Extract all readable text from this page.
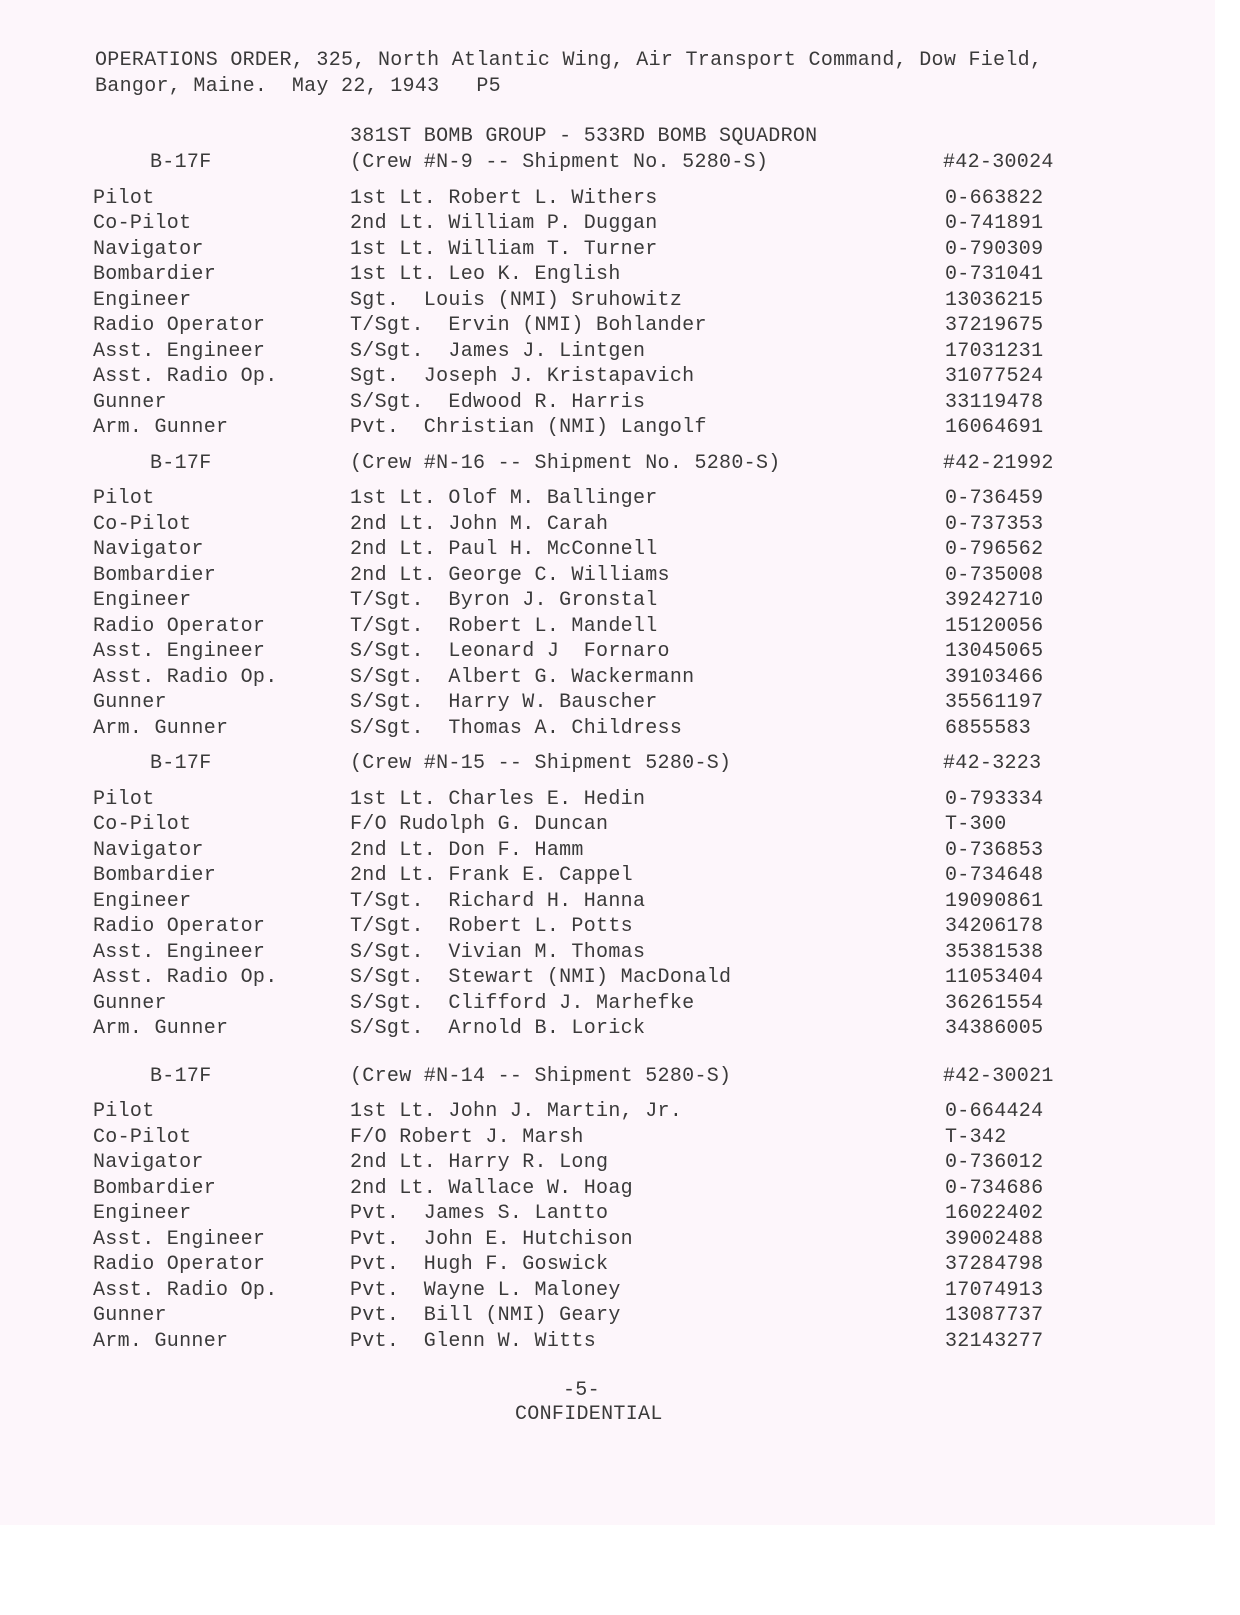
OPERATIONS ORDER, 325, North Atlantic Wing, Air Transport Command, Dow Field,
Bangor, Maine.  May 22, 1943   P5
381ST BOMB GROUP - 533RD BOMB SQUADRON
B-17F	(Crew #N-9 -- Shipment No. 5280-S)	#42-30024
Pilot	1st Lt. Robert L. Withers	0-663822
Co-Pilot	2nd Lt. William P. Duggan	0-741891
Navigator	1st Lt. William T. Turner	0-790309
Bombardier	1st Lt. Leo K. English	0-731041
Engineer	Sgt.  Louis (NMI) Sruhowitz	13036215
Radio Operator	T/Sgt.  Ervin (NMI) Bohlander	37219675
Asst. Engineer	S/Sgt.  James J. Lintgen	17031231
Asst. Radio Op.	Sgt.  Joseph J. Kristapavich	31077524
Gunner	S/Sgt.  Edwood R. Harris	33119478
Arm. Gunner	Pvt.  Christian (NMI) Langolf	16064691
B-17F	(Crew #N-16 -- Shipment No. 5280-S)	#42-21992
Pilot	1st Lt. Olof M. Ballinger	0-736459
Co-Pilot	2nd Lt. John M. Carah	0-737353
Navigator	2nd Lt. Paul H. McConnell	0-796562
Bombardier	2nd Lt. George C. Williams	0-735008
Engineer	T/Sgt.  Byron J. Gronstal	39242710
Radio Operator	T/Sgt.  Robert L. Mandell	15120056
Asst. Engineer	S/Sgt.  Leonard J  Fornaro	13045065
Asst. Radio Op.	S/Sgt.  Albert G. Wackermann	39103466
Gunner	S/Sgt.  Harry W. Bauscher	35561197
Arm. Gunner	S/Sgt.  Thomas A. Childress	6855583
B-17F	(Crew #N-15 -- Shipment 5280-S)	#42-3223
Pilot	1st Lt. Charles E. Hedin	0-793334
Co-Pilot	F/O Rudolph G. Duncan	T-300
Navigator	2nd Lt. Don F. Hamm	0-736853
Bombardier	2nd Lt. Frank E. Cappel	0-734648
Engineer	T/Sgt.  Richard H. Hanna	19090861
Radio Operator	T/Sgt.  Robert L. Potts	34206178
Asst. Engineer	S/Sgt.  Vivian M. Thomas	35381538
Asst. Radio Op.	S/Sgt.  Stewart (NMI) MacDonald	11053404
Gunner	S/Sgt.  Clifford J. Marhefke	36261554
Arm. Gunner	S/Sgt.  Arnold B. Lorick	34386005
B-17F	(Crew #N-14 -- Shipment 5280-S)	#42-30021
Pilot	1st Lt. John J. Martin, Jr.	0-664424
Co-Pilot	F/O Robert J. Marsh	T-342
Navigator	2nd Lt. Harry R. Long	0-736012
Bombardier	2nd Lt. Wallace W. Hoag	0-734686
Engineer	Pvt.  James S. Lantto	16022402
Asst. Engineer	Pvt.  John E. Hutchison	39002488
Radio Operator	Pvt.  Hugh F. Goswick	37284798
Asst. Radio Op.	Pvt.  Wayne L. Maloney	17074913
Gunner	Pvt.  Bill (NMI) Geary	13087737
Arm. Gunner	Pvt.  Glenn W. Witts	32143277
-5-
CONFIDENTIAL
